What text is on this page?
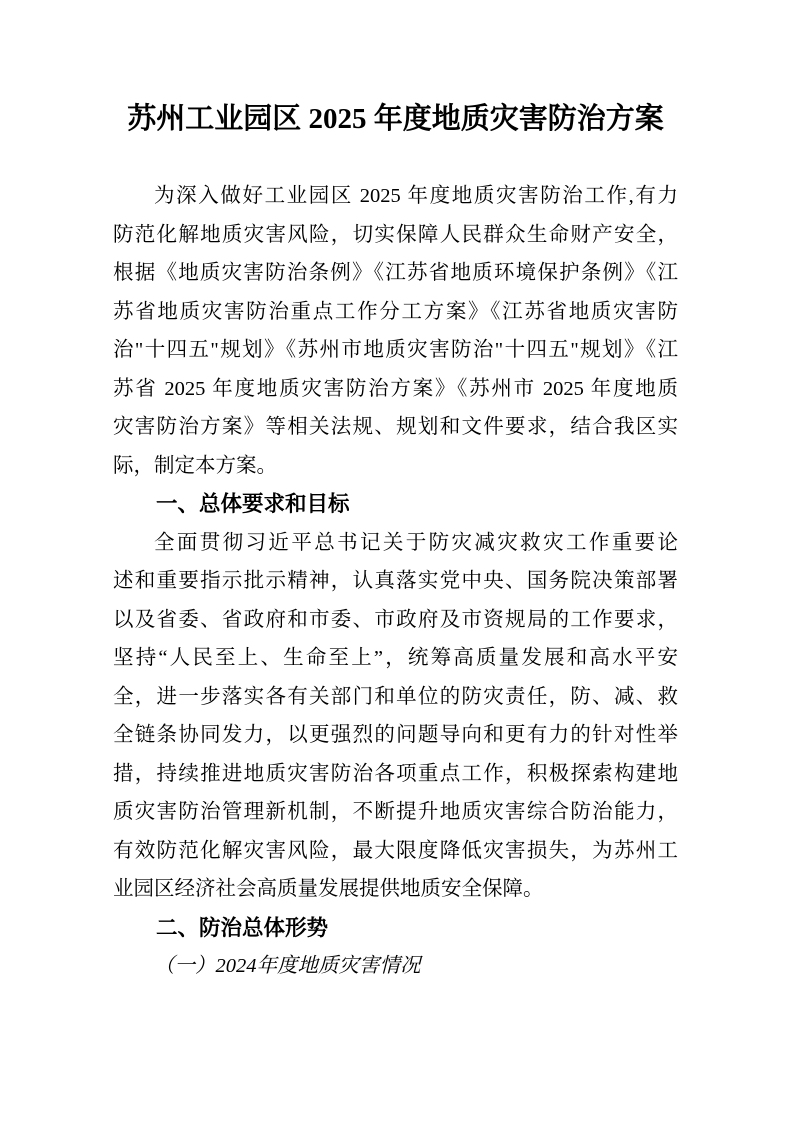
苏州工业园区 2025 年度地质灾害防治方案
为深入做好工业园区 2025 年度地质灾害防治工作,有力
防范化解地质灾害风险，切实保障人民群众生命财产安全，
根据《地质灾害防治条例》《江苏省地质环境保护条例》《江
苏省地质灾害防治重点工作分工方案》《江苏省地质灾害防
治"十四五"规划》《苏州市地质灾害防治"十四五"规划》《江
苏省 2025 年度地质灾害防治方案》《苏州市 2025 年度地质
灾害防治方案》等相关法规、规划和文件要求，结合我区实
际，制定本方案。
一、总体要求和目标
全面贯彻习近平总书记关于防灾减灾救灾工作重要论
述和重要指示批示精神，认真落实党中央、国务院决策部署
以及省委、省政府和市委、市政府及市资规局的工作要求，
坚持“人民至上、生命至上”，统筹高质量发展和高水平安
全，进一步落实各有关部门和单位的防灾责任，防、减、救
全链条协同发力，以更强烈的问题导向和更有力的针对性举
措，持续推进地质灾害防治各项重点工作，积极探索构建地
质灾害防治管理新机制，不断提升地质灾害综合防治能力，
有效防范化解灾害风险，最大限度降低灾害损失，为苏州工
业园区经济社会高质量发展提供地质安全保障。
二、防治总体形势
（一）2024年度地质灾害情况
